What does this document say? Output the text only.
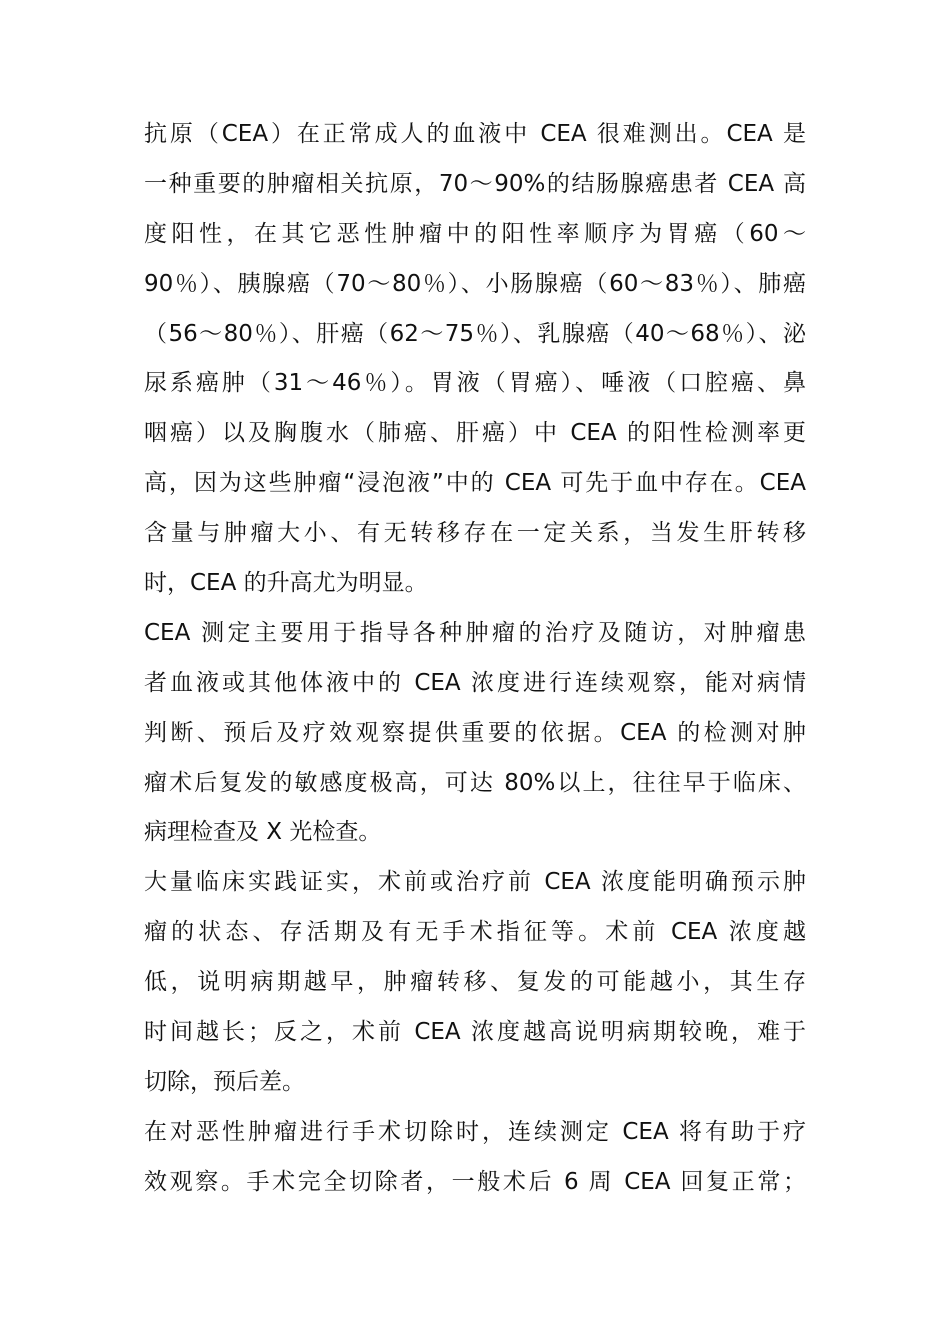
抗原（CEA）在正常成人的血液中 CEA 很难测出。CEA 是
一种重要的肿瘤相关抗原，70～90%的结肠腺癌患者 CEA 高
度阳性，在其它恶性肿瘤中的阳性率顺序为胃癌（60～
90％）、胰腺癌（70～80％）、小肠腺癌（60～83％）、肺癌
（56～80％）、肝癌（62～75％）、乳腺癌（40～68％）、泌
尿系癌肿（31～46％）。胃液（胃癌）、唾液（口腔癌、鼻
咽癌）以及胸腹水（肺癌、肝癌）中 CEA 的阳性检测率更
高，因为这些肿瘤“浸泡液”中的 CEA 可先于血中存在。CEA
含量与肿瘤大小、有无转移存在一定关系，当发生肝转移
时，CEA 的升高尤为明显。
CEA 测定主要用于指导各种肿瘤的治疗及随访，对肿瘤患
者血液或其他体液中的 CEA 浓度进行连续观察，能对病情
判断、预后及疗效观察提供重要的依据。CEA 的检测对肿
瘤术后复发的敏感度极高，可达 80%以上，往往早于临床、
病理检查及 X 光检查。
大量临床实践证实，术前或治疗前 CEA 浓度能明确预示肿
瘤的状态、存活期及有无手术指征等。术前 CEA 浓度越
低，说明病期越早，肿瘤转移、复发的可能越小，其生存
时间越长；反之，术前 CEA 浓度越高说明病期较晚，难于
切除，预后差。
在对恶性肿瘤进行手术切除时，连续测定 CEA 将有助于疗
效观察。手术完全切除者，一般术后 6 周 CEA 回复正常；
